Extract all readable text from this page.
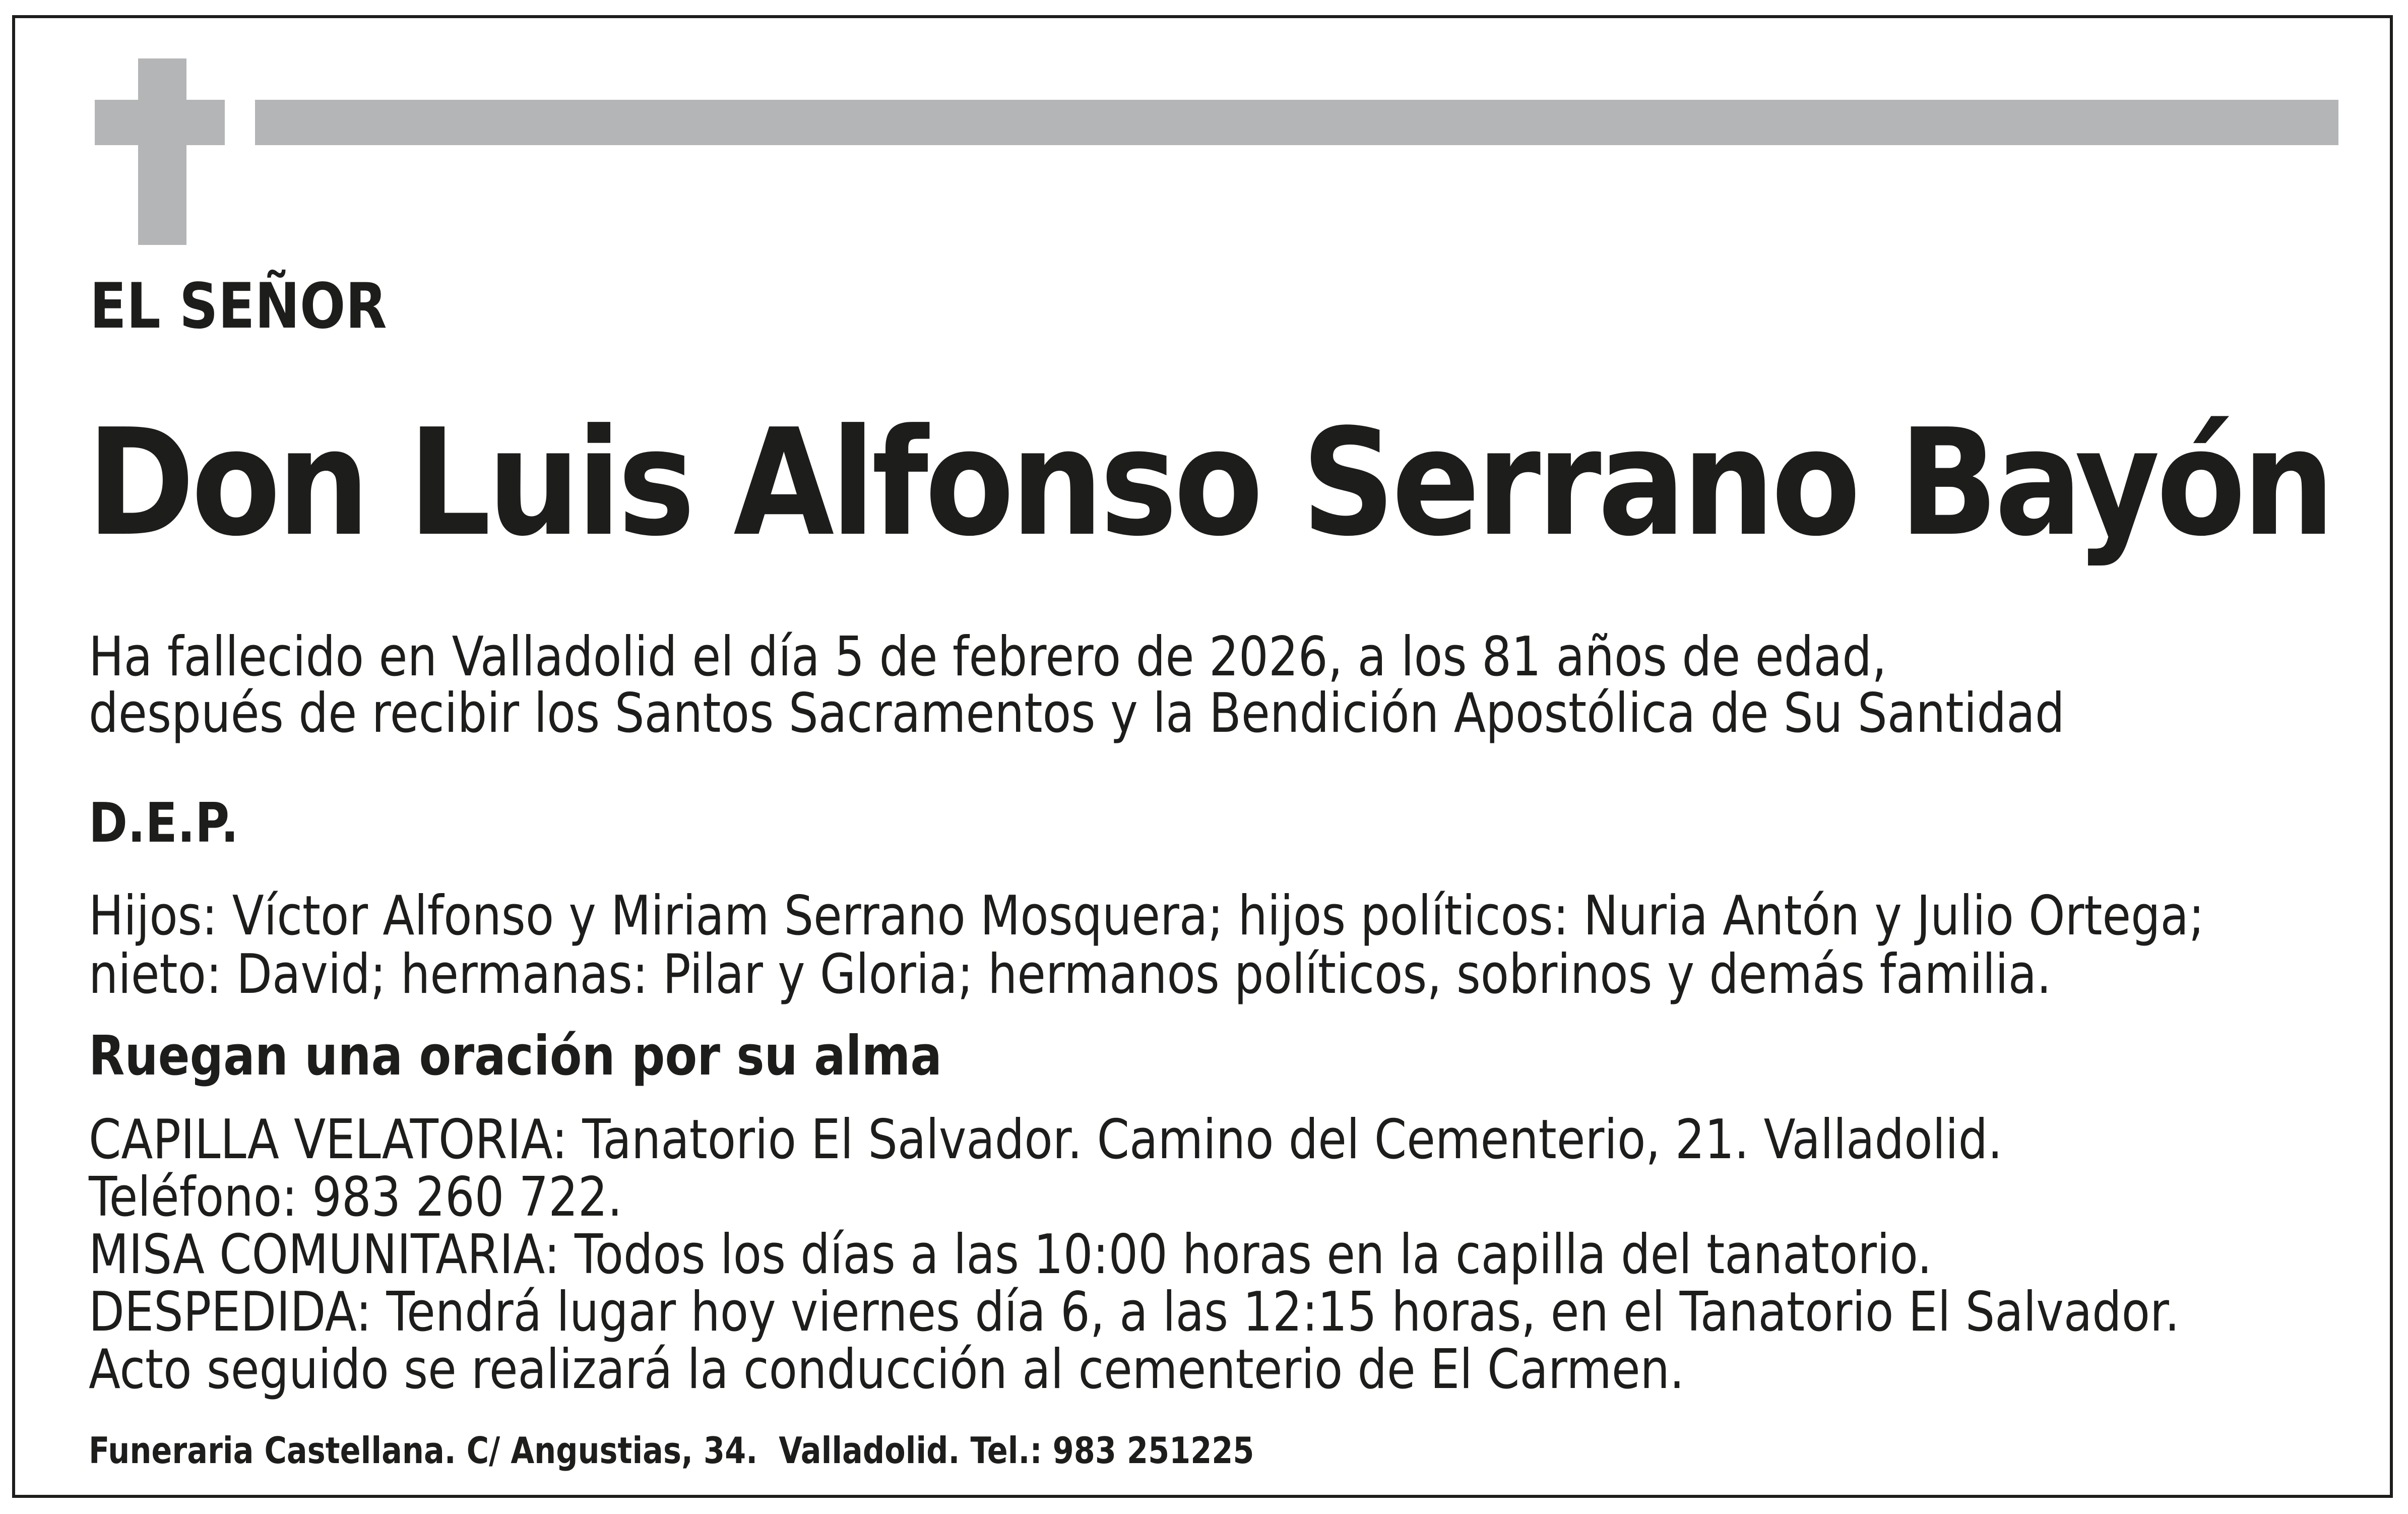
EL SEÑOR
Don Luis Alfonso Serrano Bayón

Ha fallecido en Valladolid el día 5 de febrero de 2026, a los 81 años de edad,

después de recibir los Santos Sacramentos y la Bendición Apostólica de Su Santidad

D.E.P.

Hijos: Víctor Alfonso y Miriam Serrano Mosquera; hijos políticos: Nuria Antón y Julio Ortega;

nieto: David; hermanas: Pilar y Gloria; hermanos políticos, sobrinos y demás familia.

Ruegan una oración por su alma

CAPILLA VELATORIA: Tanatorio El Salvador. Camino del Cementerio, 21. Valladolid.

Teléfono: 983 260 722.

MISA COMUNITARIA: Todos los días a las 10:00 horas en la capilla del tanatorio.

DESPEDIDA: Tendrá lugar hoy viernes día 6, a las 12:15 horas, en el Tanatorio El Salvador.

Acto seguido se realizará la conducción al cementerio de El Carmen.

Funeraria Castellana. C/ Angustias, 34.  Valladolid. Tel.: 983 251225
